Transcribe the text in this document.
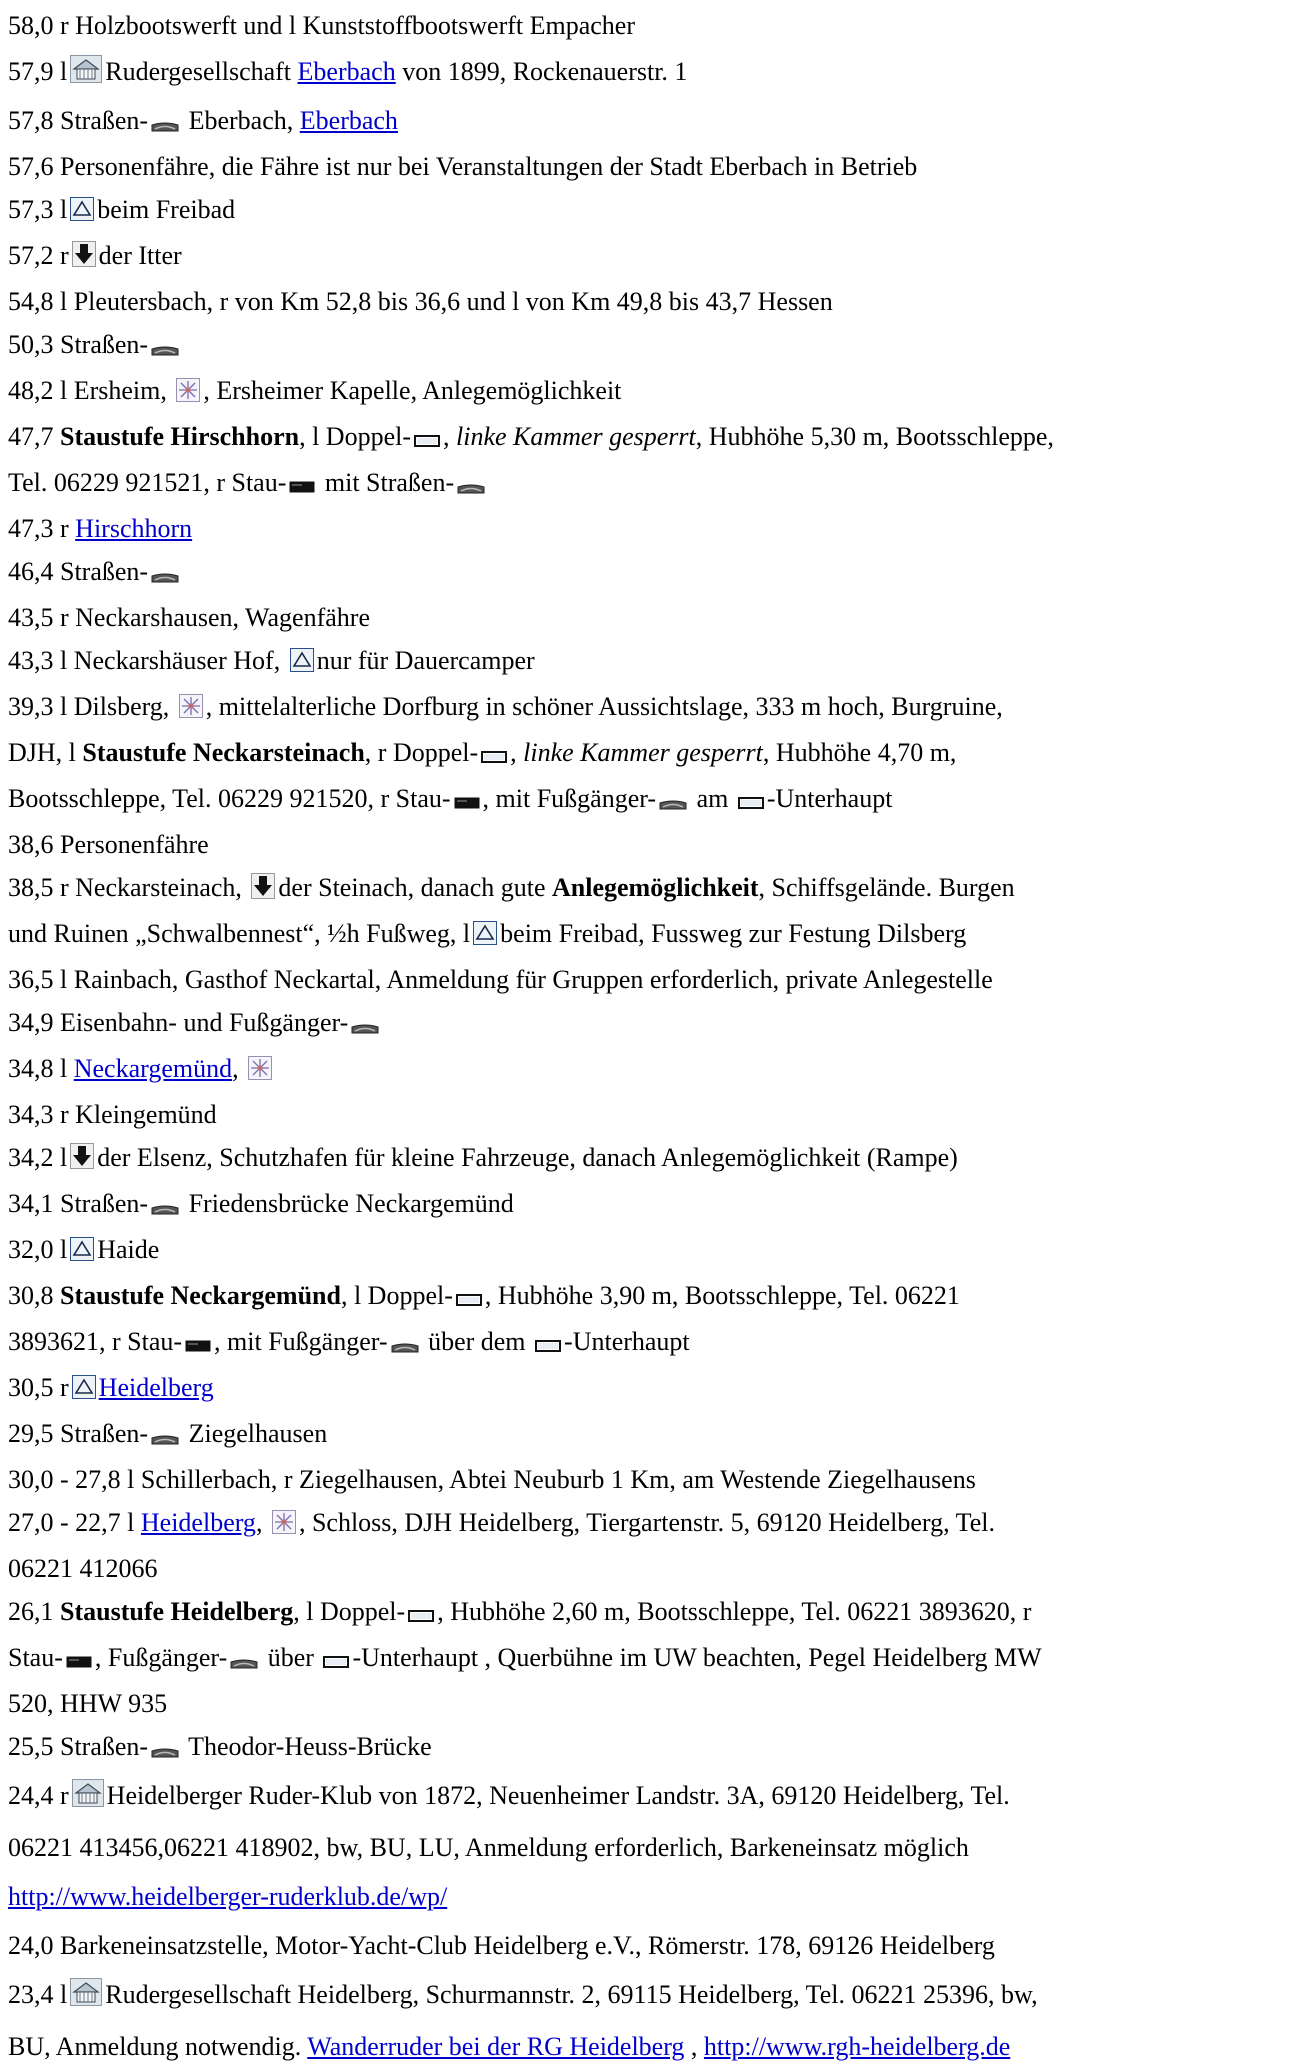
58,0 r Holzbootswerft und l Kunststoffbootswerft Empacher
57,9 l Rudergesellschaft Eberbach von 1899, Rockenauerstr. 1
57,8 Straßen- Eberbach, Eberbach
57,6 Personenfähre, die Fähre ist nur bei Veranstaltungen der Stadt Eberbach in Betrieb
57,3 l beim Freibad
57,2 r der Itter
54,8 l Pleutersbach, r von Km 52,8 bis 36,6 und l von Km 49,8 bis 43,7 Hessen
50,3 Straßen-
48,2 l Ersheim, , Ersheimer Kapelle, Anlegemöglichkeit
47,7 Staustufe Hirschhorn, l Doppel- , linke Kammer gesperrt, Hubhöhe 5,30 m, Bootsschleppe,
Tel. 06229 921521, r Stau- mit Straßen-
47,3 r Hirschhorn
46,4 Straßen-
43,5 r Neckarshausen, Wagenfähre
43,3 l Neckarshäuser Hof, nur für Dauercamper
39,3 l Dilsberg, , mittelalterliche Dorfburg in schöner Aussichtslage, 333 m hoch, Burgruine,
DJH, l Staustufe Neckarsteinach, r Doppel- , linke Kammer gesperrt, Hubhöhe 4,70 m,
Bootsschleppe, Tel. 06229 921520, r Stau- , mit Fußgänger- am -Unterhaupt
38,6 Personenfähre
38,5 r Neckarsteinach, der Steinach, danach gute Anlegemöglichkeit, Schiffsgelände. Burgen
und Ruinen „Schwalbennest“, ½h Fußweg, l beim Freibad, Fussweg zur Festung Dilsberg
36,5 l Rainbach, Gasthof Neckartal, Anmeldung für Gruppen erforderlich, private Anlegestelle
34,9 Eisenbahn- und Fußgänger-
34,8 l Neckargemünd,
34,3 r Kleingemünd
34,2 l der Elsenz, Schutzhafen für kleine Fahrzeuge, danach Anlegemöglichkeit (Rampe)
34,1 Straßen- Friedensbrücke Neckargemünd
32,0 l Haide
30,8 Staustufe Neckargemünd, l Doppel- , Hubhöhe 3,90 m, Bootsschleppe, Tel. 06221
3893621, r Stau- , mit Fußgänger- über dem -Unterhaupt
30,5 r Heidelberg
29,5 Straßen- Ziegelhausen
30,0 - 27,8 l Schillerbach, r Ziegelhausen, Abtei Neuburb 1 Km, am Westende Ziegelhausens
27,0 - 22,7 l Heidelberg, , Schloss, DJH Heidelberg, Tiergartenstr. 5, 69120 Heidelberg, Tel.
06221 412066
26,1 Staustufe Heidelberg, l Doppel- , Hubhöhe 2,60 m, Bootsschleppe, Tel. 06221 3893620, r
Stau- , Fußgänger- über -Unterhaupt , Querbühne im UW beachten, Pegel Heidelberg MW
520, HHW 935
25,5 Straßen- Theodor-Heuss-Brücke
24,4 r Heidelberger Ruder-Klub von 1872, Neuenheimer Landstr. 3A, 69120 Heidelberg, Tel.
06221 413456,06221 418902, bw, BU, LU, Anmeldung erforderlich, Barkeneinsatz möglich
http://www.heidelberger-ruderklub.de/wp/
24,0 Barkeneinsatzstelle, Motor-Yacht-Club Heidelberg e.V., Römerstr. 178, 69126 Heidelberg
23,4 l Rudergesellschaft Heidelberg, Schurmannstr. 2, 69115 Heidelberg, Tel. 06221 25396, bw,
BU, Anmeldung notwendig. Wanderruder bei der RG Heidelberg , http://www.rgh-heidelberg.de
